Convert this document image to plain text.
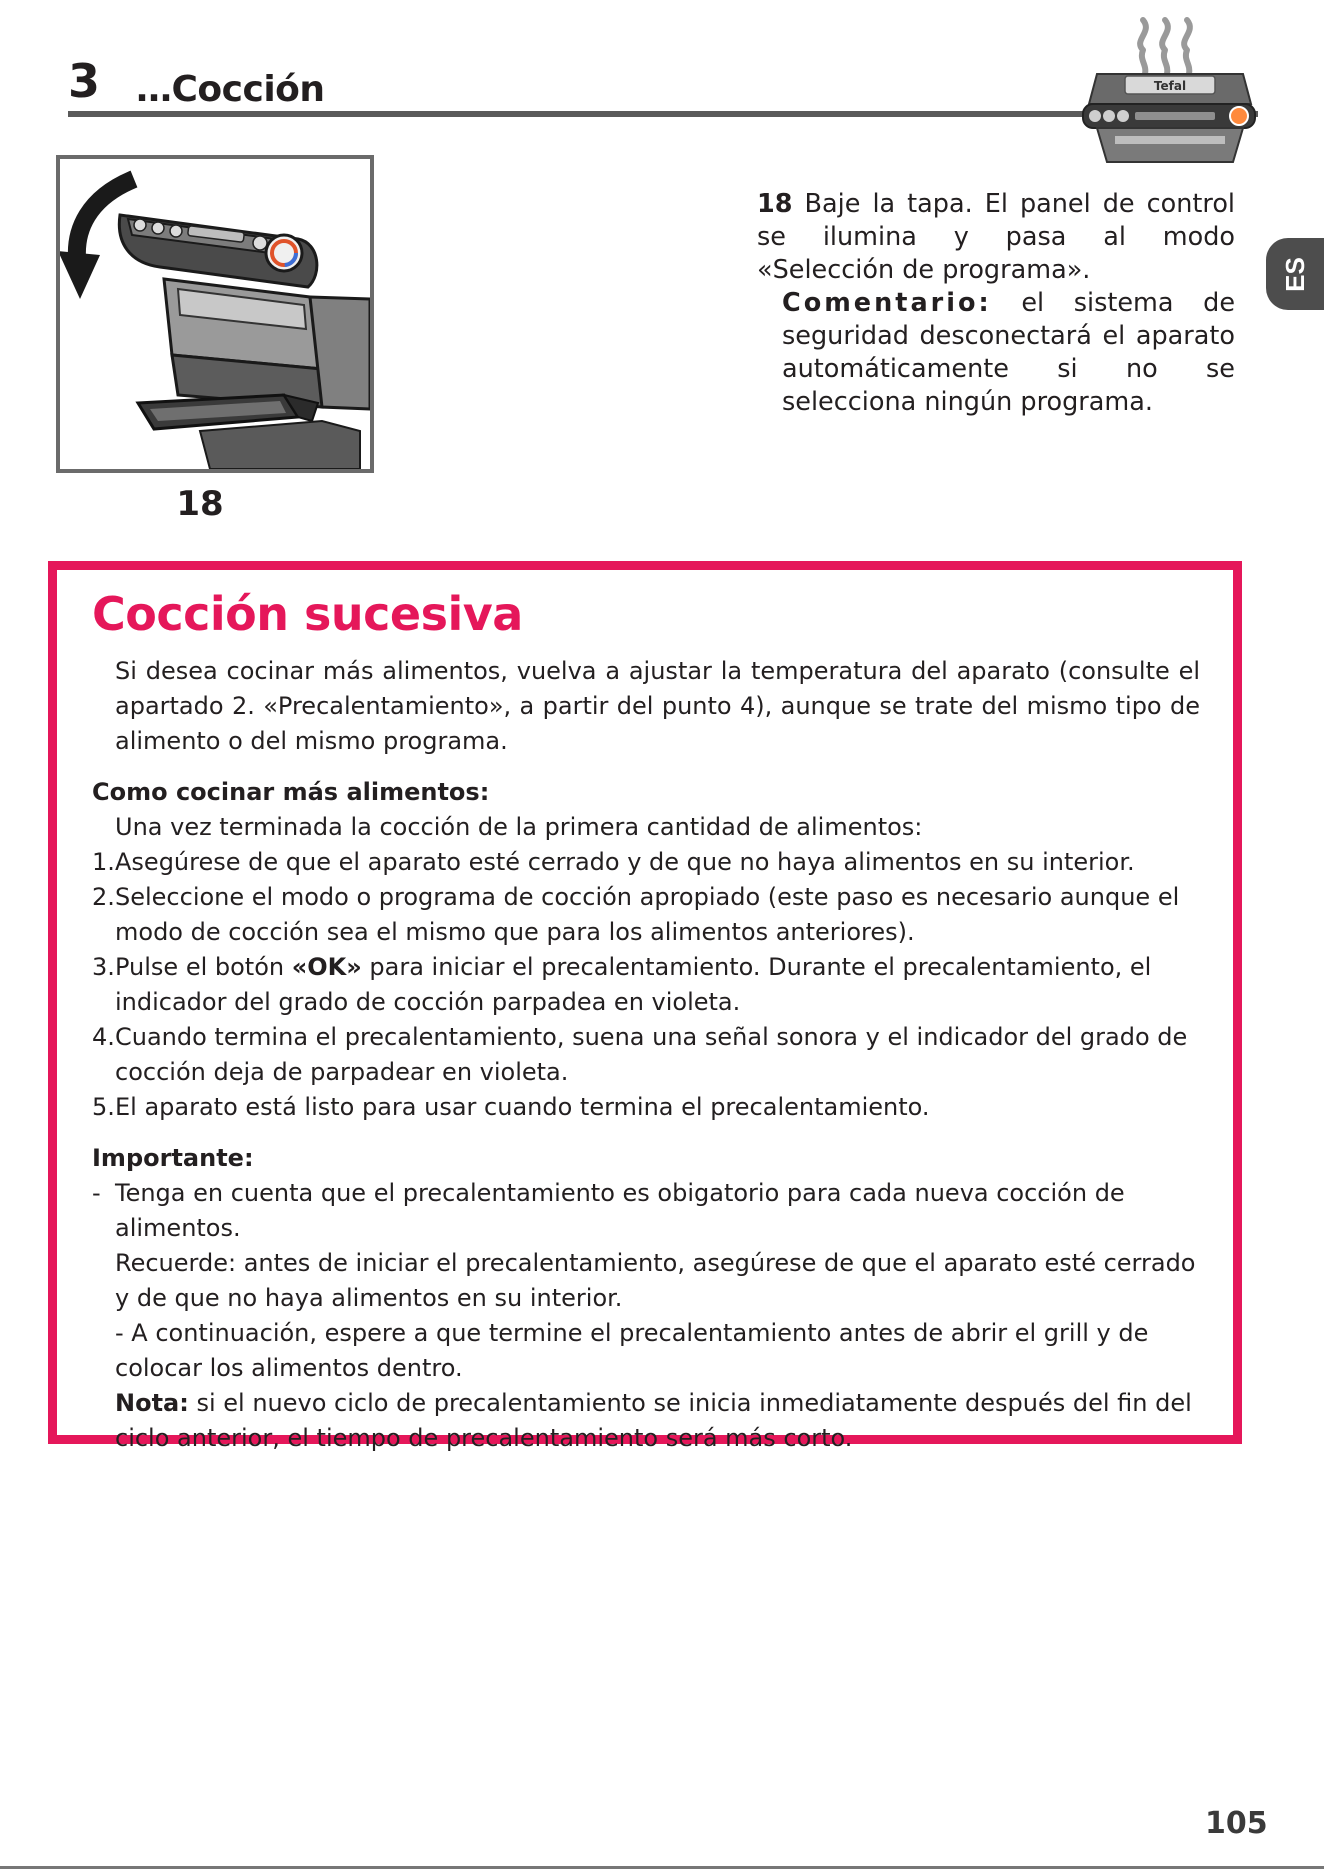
3 …Cocción	Tefal
ES
18
18 Baje la tapa. El panel de control se ilumina y pasa al modo «Selección de programa».
Comentario: el sistema de seguridad desconectará el aparato automáticamente si no se selecciona ningún programa.
Cocción sucesiva

Si desea cocinar más alimentos, vuelva a ajustar la temperatura del aparato (consulte el apartado 2. «Precalentamiento», a partir del punto 4), aunque se trate del mismo tipo de alimento o del mismo programa.

Como cocinar más alimentos:

Una vez terminada la cocción de la primera cantidad de alimentos:

1.Asegúrese de que el aparato esté cerrado y de que no haya alimentos en su interior.

2.Seleccione el modo o programa de cocción apropiado (este paso es necesario aunque el modo de cocción sea el mismo que para los alimentos anteriores).

3.Pulse el botón «OK» para iniciar el precalentamiento. Durante el precalentamiento, el indicador del grado de cocción parpadea en violeta.

4.Cuando termina el precalentamiento, suena una señal sonora y el indicador del grado de cocción deja de parpadear en violeta.

5.El aparato está listo para usar cuando termina el precalentamiento.

Importante:

- Tenga en cuenta que el precalentamiento es obigatorio para cada nueva cocción de alimentos.

Recuerde: antes de iniciar el precalentamiento, asegúrese de que el aparato esté cerrado y de que no haya alimentos en su interior.

- A continuación, espere a que termine el precalentamiento antes de abrir el grill y de colocar los alimentos dentro.

Nota: si el nuevo ciclo de precalentamiento se inicia inmediatamente después del fin del ciclo anterior, el tiempo de precalentamiento será más corto.

105
